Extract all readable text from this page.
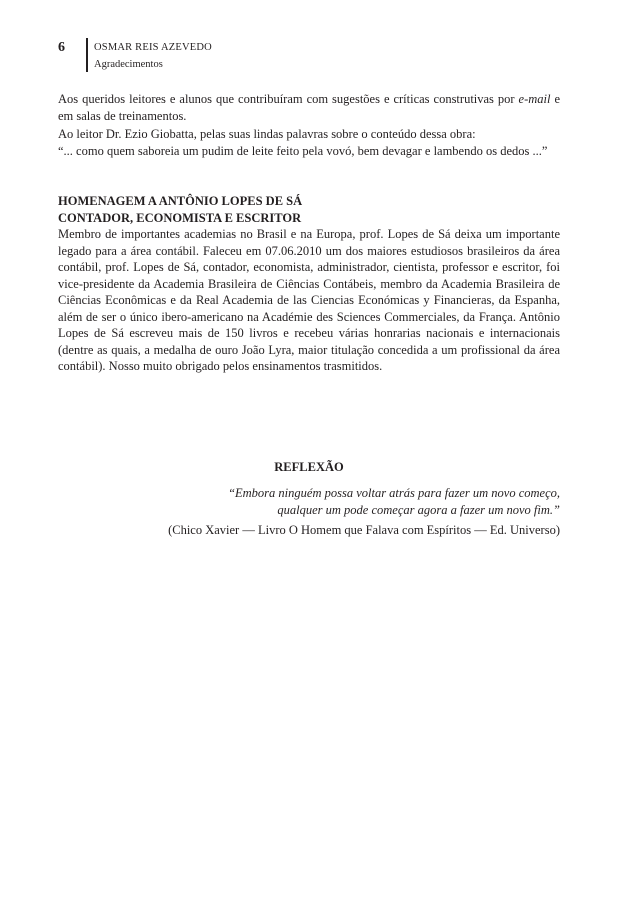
6	OSMAR REIS AZEVEDO
Agradecimentos

Aos queridos leitores e alunos que contribuíram com sugestões e críticas construtivas por e-mail e em salas de treinamentos.

Ao leitor Dr. Ezio Giobatta, pelas suas lindas palavras sobre o conteúdo dessa obra:
“... como quem saboreia um pudim de leite feito pela vovó, bem devagar e lambendo os dedos ...”

HOMENAGEM A ANTÔNIO LOPES DE SÁ
CONTADOR, ECONOMISTA E ESCRITOR

Membro de importantes academias no Brasil e na Europa, prof. Lopes de Sá deixa um importante legado para a área contábil. Faleceu em 07.06.2010 um dos maiores estudiosos brasileiros da área contábil, prof. Lopes de Sá, contador, economista, administrador, cientista, professor e escritor, foi vice-presidente da Academia Brasileira de Ciências Contábeis, membro da Academia Brasileira de Ciências Econômicas e da Real Academia de las Ciencias Económicas y Financieras, da Espanha, além de ser o único ibero-americano na Académie des Sciences Commerciales, da França. Antônio Lopes de Sá escreveu mais de 150 livros e recebeu várias honrarias nacionais e internacionais (dentre as quais, a medalha de ouro João Lyra, maior titulação concedida a um profissional da área contábil). Nosso muito obrigado pelos ensinamentos trasmitidos.

REFLEXÃO
“Embora ninguém possa voltar atrás para fazer um novo começo,
qualquer um pode começar agora a fazer um novo fim.”
(Chico Xavier — Livro O Homem que Falava com Espíritos — Ed. Universo)
